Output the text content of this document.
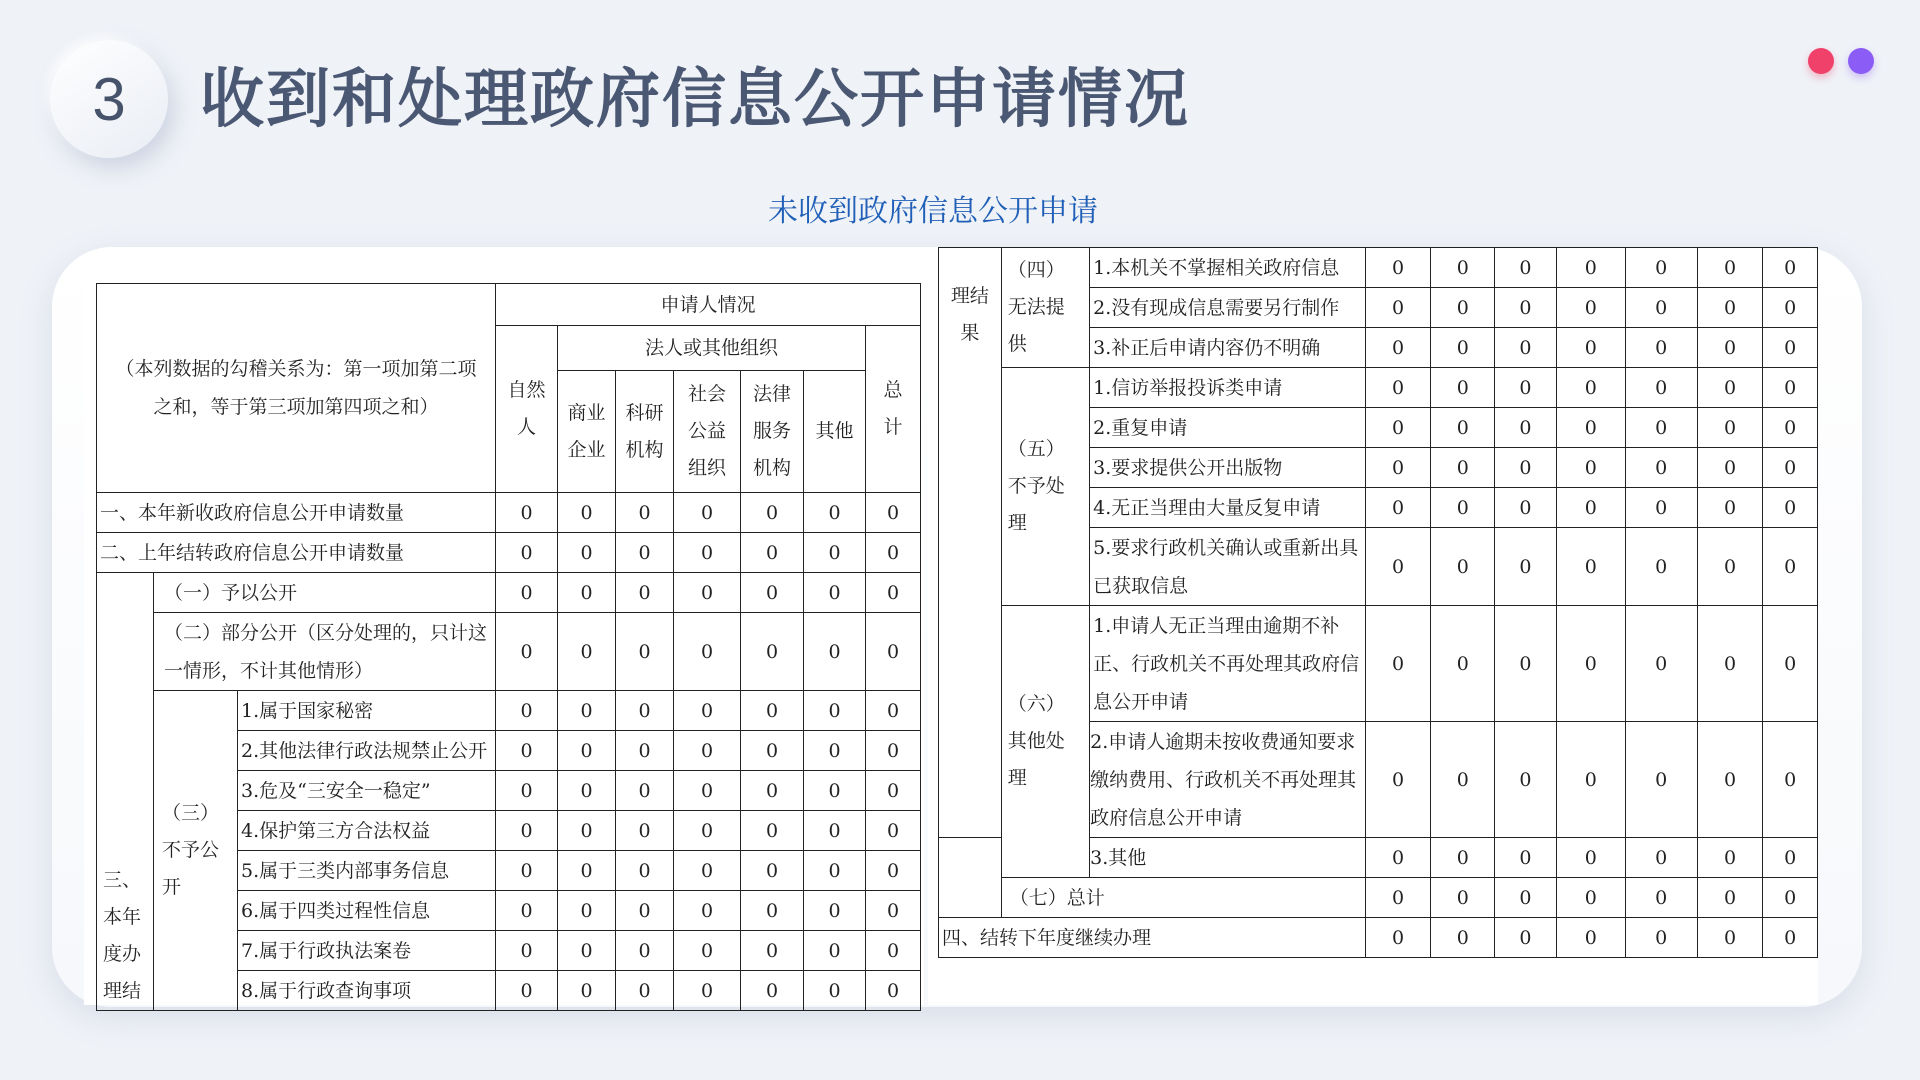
3 收到和处理政府信息公开申请情况
未收到政府信息公开申请
（本列数据的勾稽关系为：第一项加第二项之和，等于第三项加第四项之和）			申请人情况						
			自然人	法人或其他组织					总计
				商业企业	科研机构	社会公益组织	法律服务机构	其他	
一、本年新收政府信息公开申请数量			0	0	0	0	0	0	0
二、上年结转政府信息公开申请数量			0	0	0	0	0	0	0
三、本年度办理结	（一）予以公开		0	0	0	0	0	0	0
	（二）部分公开（区分处理的，只计这一情形，不计其他情形）		0	0	0	0	0	0	0
	（三）不予公开	1.属于国家秘密	0	0	0	0	0	0	0
		2.其他法律行政法规禁止公开	0	0	0	0	0	0	0
		3.危及“三安全一稳定”	0	0	0	0	0	0	0
		4.保护第三方合法权益	0	0	0	0	0	0	0
		5.属于三类内部事务信息	0	0	0	0	0	0	0
		6.属于四类过程性信息	0	0	0	0	0	0	0
		7.属于行政执法案卷	0	0	0	0	0	0	0
		8.属于行政查询事项	0	0	0	0	0	0	0
理结果	（四）无法提供	1.本机关不掌握相关政府信息	0	0	0	0	0	0	0
		2.没有现成信息需要另行制作	0	0	0	0	0	0	0
		3.补正后申请内容仍不明确	0	0	0	0	0	0	0
	（五）不予处理	1.信访举报投诉类申请	0	0	0	0	0	0	0
		2.重复申请	0	0	0	0	0	0	0
		3.要求提供公开出版物	0	0	0	0	0	0	0
		4.无正当理由大量反复申请	0	0	0	0	0	0	0
		5.要求行政机关确认或重新出具已获取信息	0	0	0	0	0	0	0
	（六）其他处理	1.申请人无正当理由逾期不补正、行政机关不再处理其政府信息公开申请	0	0	0	0	0	0	0
		2.申请人逾期未按收费通知要求缴纳费用、行政机关不再处理其政府信息公开申请	0	0	0	0	0	0	0
		3.其他	0	0	0	0	0	0	0
	（七）总计		0	0	0	0	0	0	0
四、结转下年度继续办理			0	0	0	0	0	0	0
